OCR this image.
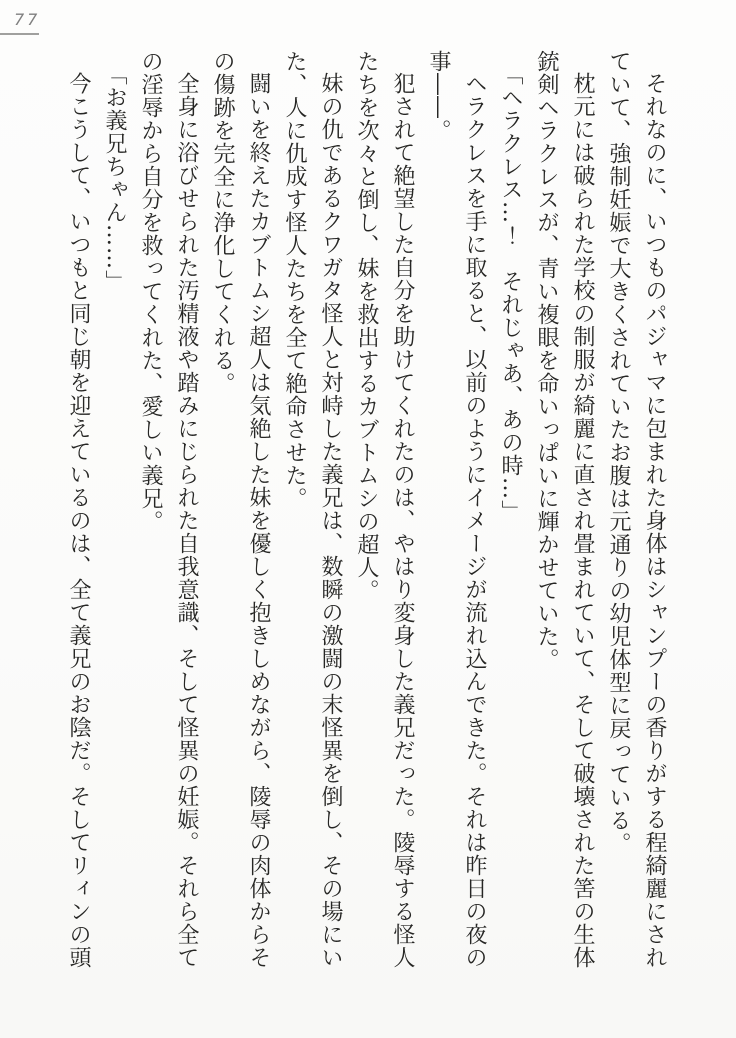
77

それなのに、いつものパジャマに包まれた身体はシャンプーの香りがする程綺麗にされ

ていて、強制妊娠で大きくされていたお腹は元通りの幼児体型に戻っている。

枕元には破られた学校の制服が綺麗に直され畳まれていて、そして破壊された筈の生体

銃剣ヘラクレスが、青い複眼を命いっぱいに輝かせていた。

「ヘラクレス…！　それじゃあ、あの時…」

ヘラクレスを手に取ると、以前のようにイメージが流れ込んできた。それは昨日の夜の

事――。

犯されて絶望した自分を助けてくれたのは、やはり変身した義兄だった。陵辱する怪人

たちを次々と倒し、妹を救出するカブトムシの超人。

妹の仇であるクワガタ怪人と対峙した義兄は、数瞬の激闘の末怪異を倒し、その場にい

た、人に仇成す怪人たちを全て絶命させた。

闘いを終えたカブトムシ超人は気絶した妹を優しく抱きしめながら、陵辱の肉体からそ

の傷跡を完全に浄化してくれる。

全身に浴びせられた汚精液や踏みにじられた自我意識、そして怪異の妊娠。それら全て

の淫辱から自分を救ってくれた、愛しい義兄。

「お義兄ちゃん……」

今こうして、いつもと同じ朝を迎えているのは、全て義兄のお陰だ。そしてリィンの頭
